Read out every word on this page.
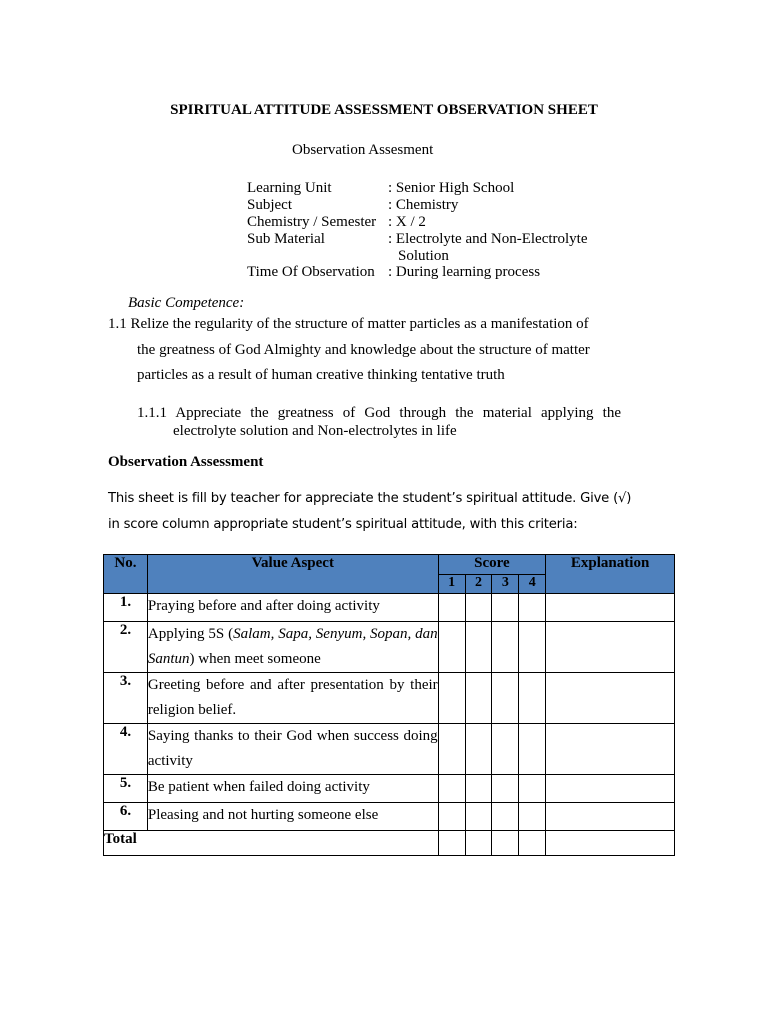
SPIRITUAL ATTITUDE ASSESSMENT OBSERVATION SHEET
Observation Assesment
Learning Unit	: Senior High School
Subject	: Chemistry
Chemistry / Semester : X / 2
Sub Material	: Electrolyte and Non-Electrolyte
Solution
Time Of Observation : During learning process
Basic Competence:
1.1 Relize the regularity of the structure of matter particles as a manifestation of
the greatness of God Almighty and knowledge about the structure of matter
particles as a result of human creative thinking tentative truth
1.1.1 Appreciate the greatness of God through the material applying the
electrolyte solution and Non-electrolytes in life
Observation Assessment
This sheet is fill by teacher for appreciate the student’s spiritual attitude. Give (√)
in score column appropriate student’s spiritual attitude, with this criteria:
No.	Value Aspect	Score				Explanation
		1	2	3	4	
1.	Praying before and after doing activity					
2.	Applying 5S (Salam, Sapa, Senyum, Sopan, dan Santun) when meet someone					
3.	Greeting before and after presentation by their religion belief.					
4.	Saying thanks to their God when success doing activity					
5.	Be patient when failed doing activity					
6.	Pleasing and not hurting someone else					
Total						
